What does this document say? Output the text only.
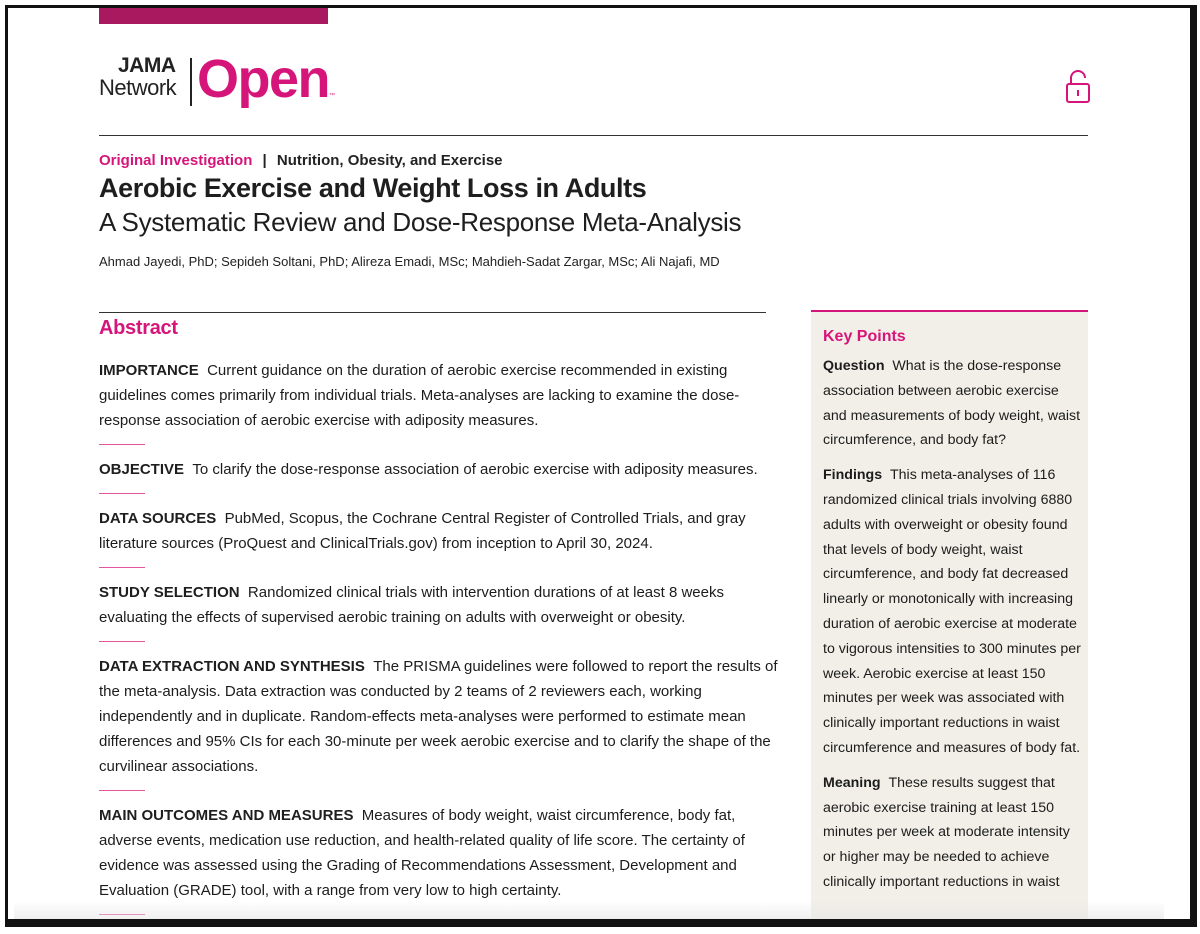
JAMA
Network Open ™
Original Investigation | Nutrition, Obesity, and Exercise
Aerobic Exercise and Weight Loss in Adults
A Systematic Review and Dose-Response Meta-Analysis
Ahmad Jayedi, PhD; Sepideh Soltani, PhD; Alireza Emadi, MSc; Mahdieh-Sadat Zargar, MSc; Ali Najafi, MD
Abstract

IMPORTANCE Current guidance on the duration of aerobic exercise recommended in existing guidelines comes primarily from individual trials. Meta-analyses are lacking to examine the dose-response association of aerobic exercise with adiposity measures.

OBJECTIVE To clarify the dose-response association of aerobic exercise with adiposity measures.

DATA SOURCES PubMed, Scopus, the Cochrane Central Register of Controlled Trials, and gray literature sources (ProQuest and ClinicalTrials.gov) from inception to April 30, 2024.

STUDY SELECTION Randomized clinical trials with intervention durations of at least 8 weeks evaluating the effects of supervised aerobic training on adults with overweight or obesity.

DATA EXTRACTION AND SYNTHESIS The PRISMA guidelines were followed to report the results of the meta-analysis. Data extraction was conducted by 2 teams of 2 reviewers each, working independently and in duplicate. Random-effects meta-analyses were performed to estimate mean differences and 95% CIs for each 30-minute per week aerobic exercise and to clarify the shape of the curvilinear associations.

MAIN OUTCOMES AND MEASURES Measures of body weight, waist circumference, body fat, adverse events, medication use reduction, and health-related quality of life score. The certainty of evidence was assessed using the Grading of Recommendations Assessment, Development and Evaluation (GRADE) tool, with a range from very low to high certainty.

Key Points

Question What is the dose-response association between aerobic exercise and measurements of body weight, waist circumference, and body fat?

Findings This meta-analyses of 116 randomized clinical trials involving 6880 adults with overweight or obesity found that levels of body weight, waist circumference, and body fat decreased linearly or monotonically with increasing duration of aerobic exercise at moderate to vigorous intensities to 300 minutes per week. Aerobic exercise at least 150 minutes per week was associated with clinically important reductions in waist circumference and measures of body fat.

Meaning These results suggest that aerobic exercise training at least 150 minutes per week at moderate intensity or higher may be needed to achieve clinically important reductions in waist
